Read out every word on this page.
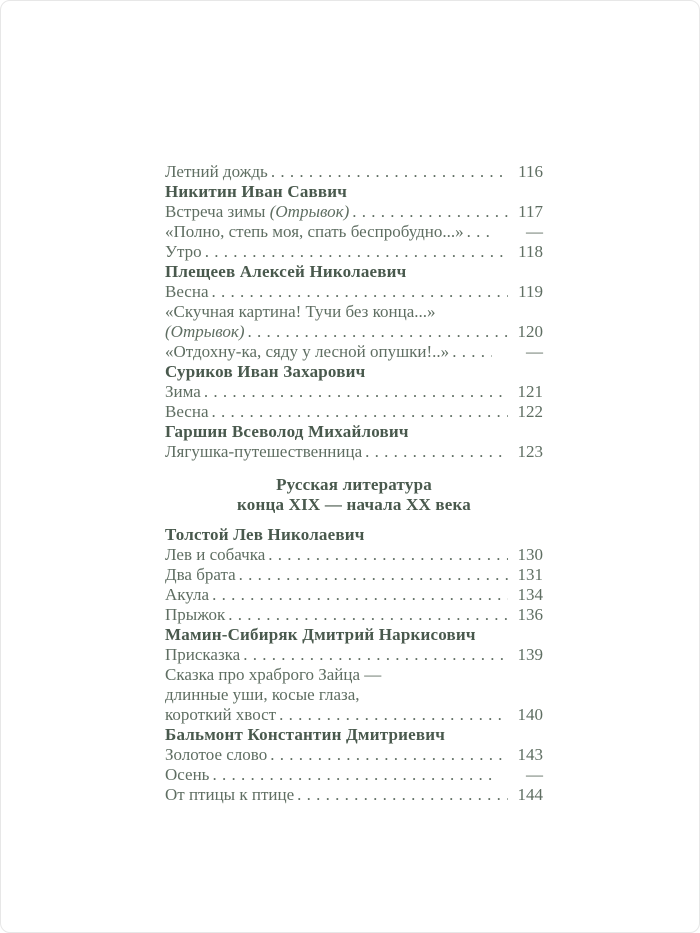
Летний дождь . . .	116
Никитин Иван Саввич
Встреча зимы (Отрывок) . . .	117
«Полно, степь моя, спать беспробудно...» . . .	—
Утро . . .	118
Плещеев Алексей Николаевич
Весна . . .	119
«Скучная картина! Тучи без конца...»
(Отрывок) . . .	120
«Отдохну-ка, сяду у лесной опушки!..» . . .	—
Суриков Иван Захарович
Зима . . .	121
Весна . . .	122
Гаршин Всеволод Михайлович
Лягушка-путешественница . . .	123
Русская литература
конца XIX — начала XX века
Толстой Лев Николаевич
Лев и собачка . . .	130
Два брата . . .	131
Акула . . .	134
Прыжок . . .	136
Мамин-Сибиряк Дмитрий Наркисович
Присказка . . .	139
Сказка про храброго Зайца —
длинные уши, косые глаза,
короткий хвост . . .	140
Бальмонт Константин Дмитриевич
Золотое слово . . .	143
Осень . . .	—
От птицы к птице . . .	144
